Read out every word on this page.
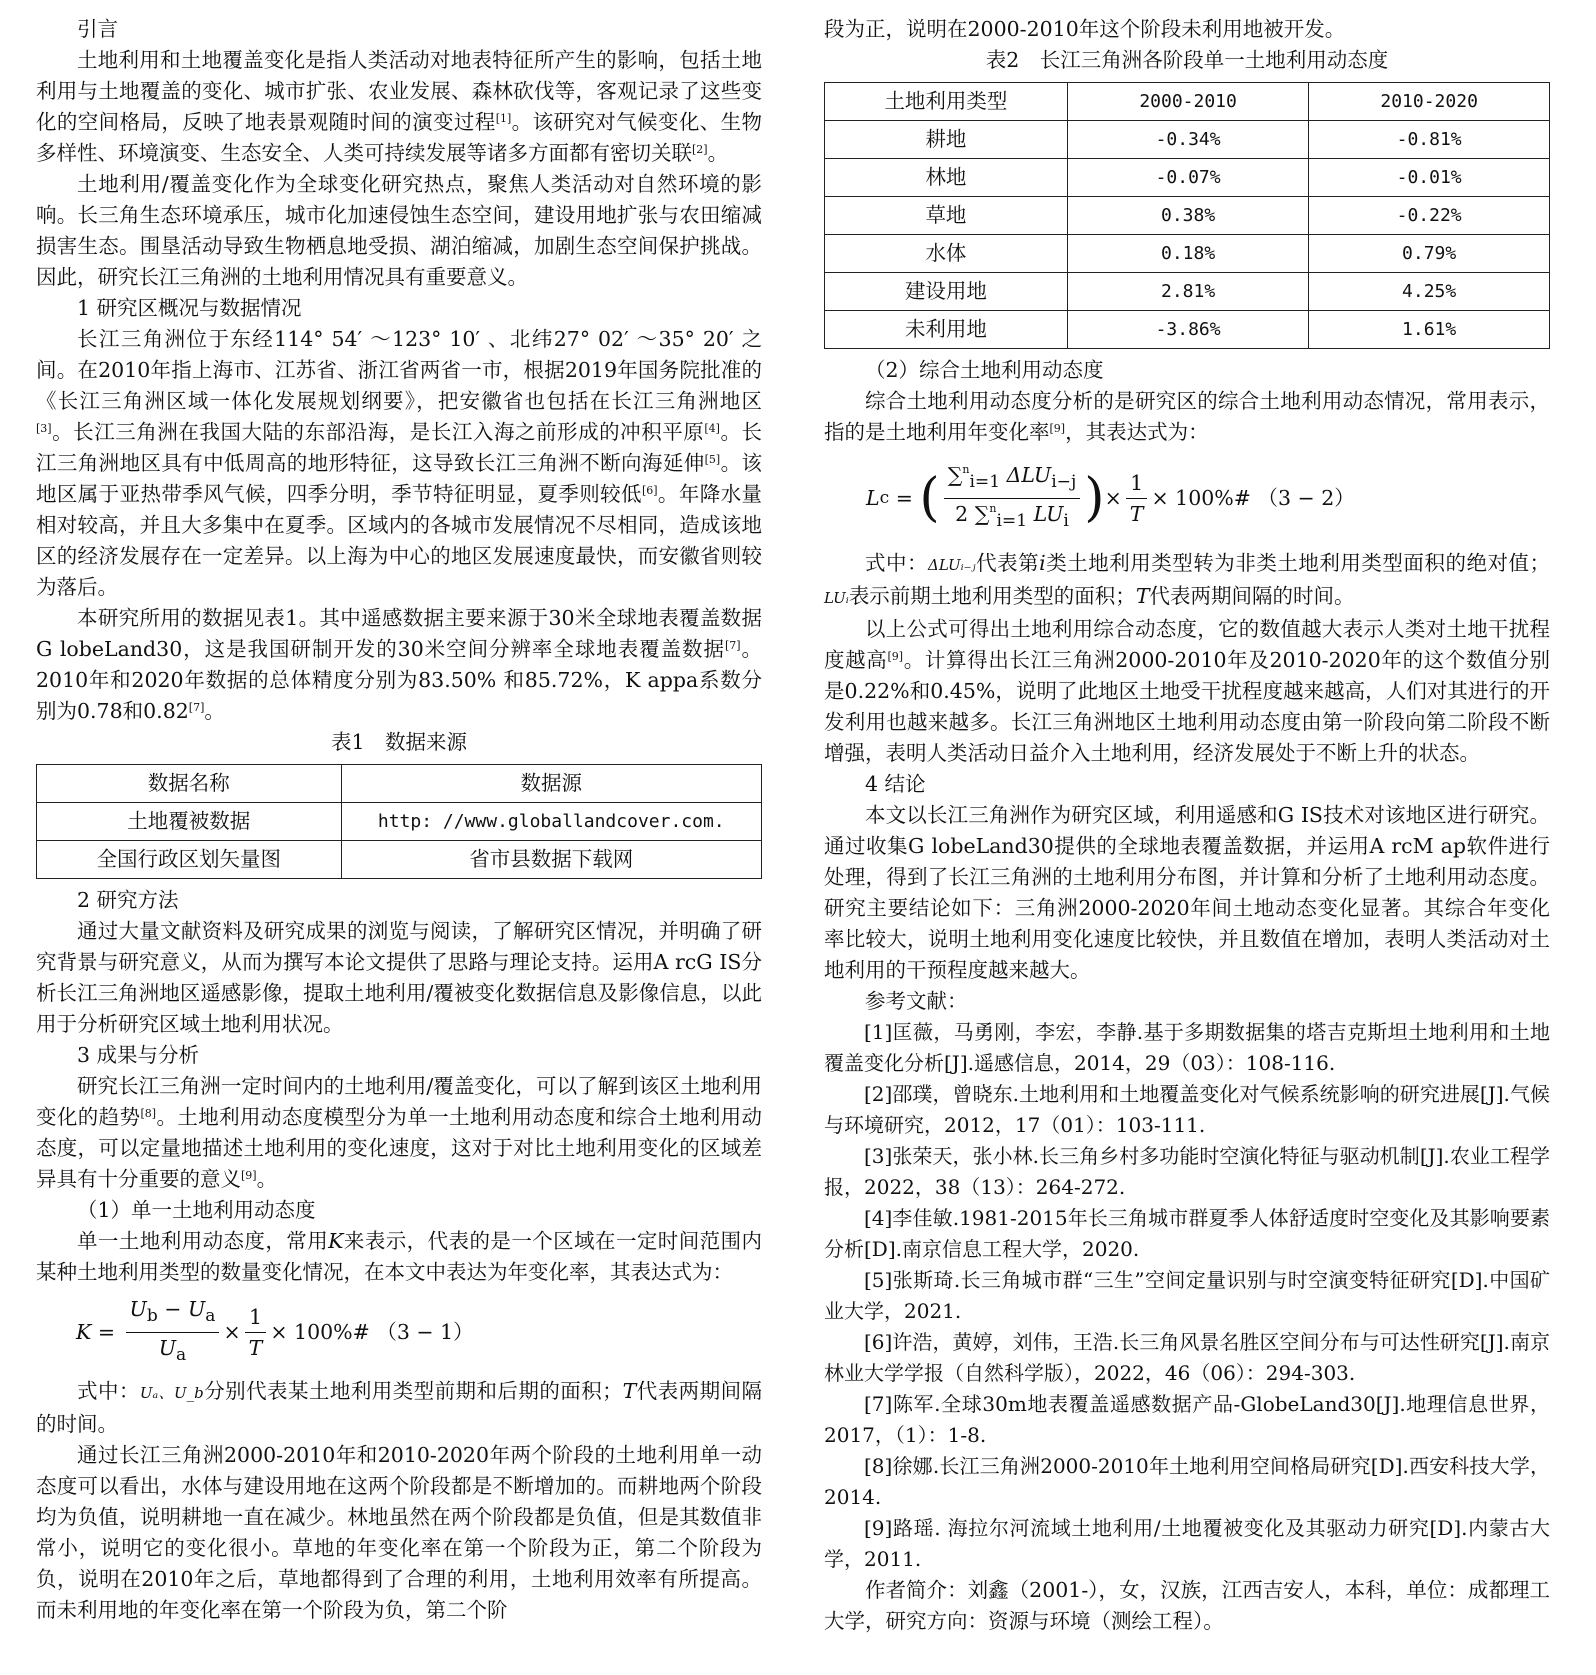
引言

土地利用和土地覆盖变化是指人类活动对地表特征所产生的影响，包括土地利用与土地覆盖的变化、城市扩张、农业发展、森林砍伐等，客观记录了这些变化的空间格局，反映了地表景观随时间的演变过程[1]。该研究对气候变化、生物多样性、环境演变、生态安全、人类可持续发展等诸多方面都有密切关联[2]。

土地利用/覆盖变化作为全球变化研究热点，聚焦人类活动对自然环境的影响。长三角生态环境承压，城市化加速侵蚀生态空间，建设用地扩张与农田缩减损害生态。围垦活动导致生物栖息地受损、湖泊缩减，加剧生态空间保护挑战。因此，研究长江三角洲的土地利用情况具有重要意义。

1 研究区概况与数据情况

长江三角洲位于东经114° 54′ ～123° 10′ 、北纬27° 02′ ～35° 20′ 之间。在2010年指上海市、江苏省、浙江省两省一市，根据2019年国务院批准的《长江三角洲区域一体化发展规划纲要》，把安徽省也包括在长江三角洲地区 [3]。长江三角洲在我国大陆的东部沿海，是长江入海之前形成的冲积平原[4]。长江三角洲地区具有中低周高的地形特征，这导致长江三角洲不断向海延伸[5]。该地区属于亚热带季风气候，四季分明，季节特征明显，夏季则较低[6]。年降水量相对较高，并且大多集中在夏季。区域内的各城市发展情况不尽相同，造成该地区的经济发展存在一定差异。以上海为中心的地区发展速度最快，而安徽省则较为落后。

本研究所用的数据见表1。其中遥感数据主要来源于30米全球地表覆盖数据G lobeLand30，这是我国研制开发的30米空间分辨率全球地表覆盖数据[7]。2010年和2020年数据的总体精度分别为83.50% 和85.72%，K appa系数分别为0.78和0.82[7]。

表1　数据来源

数据名称	数据源
土地覆被数据	http: //www.globallandcover.com.
全国行政区划矢量图	省市县数据下载网

2 研究方法

通过大量文献资料及研究成果的浏览与阅读，了解研究区情况，并明确了研究背景与研究意义，从而为撰写本论文提供了思路与理论支持。运用A rcG IS分析长江三角洲地区遥感影像，提取土地利用/覆被变化数据信息及影像信息，以此用于分析研究区域土地利用状况。

3 成果与分析

研究长江三角洲一定时间内的土地利用/覆盖变化，可以了解到该区土地利用变化的趋势[8]。土地利用动态度模型分为单一土地利用动态度和综合土地利用动态度，可以定量地描述土地利用的变化速度，这对于对比土地利用变化的区域差异具有十分重要的意义[9]。

（1）单一土地利用动态度

单一土地利用动态度，常用K来表示，代表的是一个区域在一定时间范围内某种土地利用类型的数量变化情况，在本文中表达为年变化率，其表达式为：

$K = \frac{U_b - U_a}{U_a} \times \frac{1}{T} \times 100\%$ # （3 − 1）

式中：Uₐ、U_b分别代表某土地利用类型前期和后期的面积；T代表两期间隔的时间。

通过长江三角洲2000-2010年和2010-2020年两个阶段的土地利用单一动态度可以看出，水体与建设用地在这两个阶段都是不断增加的。而耕地两个阶段均为负值，说明耕地一直在减少。林地虽然在两个阶段都是负值，但是其数值非常小，说明它的变化很小。草地的年变化率在第一个阶段为正，第二个阶段为负，说明在2010年之后，草地都得到了合理的利用，土地利用效率有所提高。而未利用地的年变化率在第一个阶段为负，第二个阶

段为正，说明在2000-2010年这个阶段未利用地被开发。

表2　长江三角洲各阶段单一土地利用动态度

土地利用类型	2000-2010	2010-2020
耕地	-0.34%	-0.81%
林地	-0.07%	-0.01%
草地	0.38%	-0.22%
水体	0.18%	0.79%
建设用地	2.81%	4.25%
未利用地	-3.86%	1.61%

（2）综合土地利用动态度

综合土地利用动态度分析的是研究区的综合土地利用动态情况，常用表示，指的是土地利用年变化率[9]，其表达式为：

L c = ( $\frac{\sum^n_{i=1} \Delta LU_{i-j}}{2 \sum^n_{i=1} LU_i}$ ) × $\frac{1}{T} \times 100\%$ # （3 − 2）

式中：ΔLUᵢ₋ⱼ代表第i类土地利用类型转为非类土地利用类型面积的绝对值；LUᵢ表示前期土地利用类型的面积；T代表两期间隔的时间。

以上公式可得出土地利用综合动态度，它的数值越大表示人类对土地干扰程度越高[9]。计算得出长江三角洲2000-2010年及2010-2020年的这个数值分别是0.22%和0.45%，说明了此地区土地受干扰程度越来越高，人们对其进行的开发利用也越来越多。长江三角洲地区土地利用动态度由第一阶段向第二阶段不断增强，表明人类活动日益介入土地利用，经济发展处于不断上升的状态。

4 结论

本文以长江三角洲作为研究区域，利用遥感和G IS技术对该地区进行研究。通过收集G lobeLand30提供的全球地表覆盖数据，并运用A rcM ap软件进行处理，得到了长江三角洲的土地利用分布图，并计算和分析了土地利用动态度。研究主要结论如下：三角洲2000-2020年间土地动态变化显著。其综合年变化率比较大，说明土地利用变化速度比较快，并且数值在增加，表明人类活动对土地利用的干预程度越来越大。

参考文献：

[1]匡薇，马勇刚，李宏，李静.基于多期数据集的塔吉克斯坦土地利用和土地覆盖变化分析[J].遥感信息，2014，29（03）：108-116.

[2]邵璞，曾晓东.土地利用和土地覆盖变化对气候系统影响的研究进展[J].气候与环境研究，2012，17（01）：103-111.

[3]张荣天，张小林.长三角乡村多功能时空演化特征与驱动机制[J].农业工程学报，2022，38（13）：264-272.

[4]李佳敏.1981-2015年长三角城市群夏季人体舒适度时空变化及其影响要素分析[D].南京信息工程大学，2020.

[5]张斯琦.长三角城市群“三生”空间定量识别与时空演变特征研究[D].中国矿业大学，2021.

[6]许浩，黄婷，刘伟，王浩.长三角风景名胜区空间分布与可达性研究[J].南京林业大学学报（自然科学版），2022，46（06）：294-303.

[7]陈军.全球30m地表覆盖遥感数据产品-GlobeLand30[J].地理信息世界，2017，（1）：1-8.

[8]徐娜.长江三角洲2000-2010年土地利用空间格局研究[D].西安科技大学，2014.

[9]路瑶. 海拉尔河流域土地利用/土地覆被变化及其驱动力研究[D].内蒙古大学，2011.

作者简介：刘鑫（2001-），女，汉族，江西吉安人，本科，单位：成都理工大学，研究方向：资源与环境（测绘工程）。
